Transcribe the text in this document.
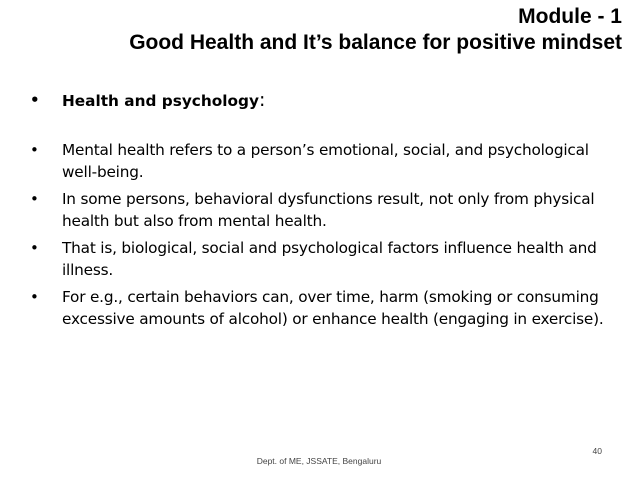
Module - 1
Good Health and It’s balance for positive mindset
• Health and psychology:
• Mental health refers to a person’s emotional, social, and psychological well-being.
• In some persons, behavioral dysfunctions result, not only from physical health but also from mental health.
• That is, biological, social and psychological factors influence health and illness.
• For e.g., certain behaviors can, over time, harm (smoking or consuming excessive amounts of alcohol) or enhance health (engaging in exercise).
40
Dept. of ME, JSSATE, Bengaluru
